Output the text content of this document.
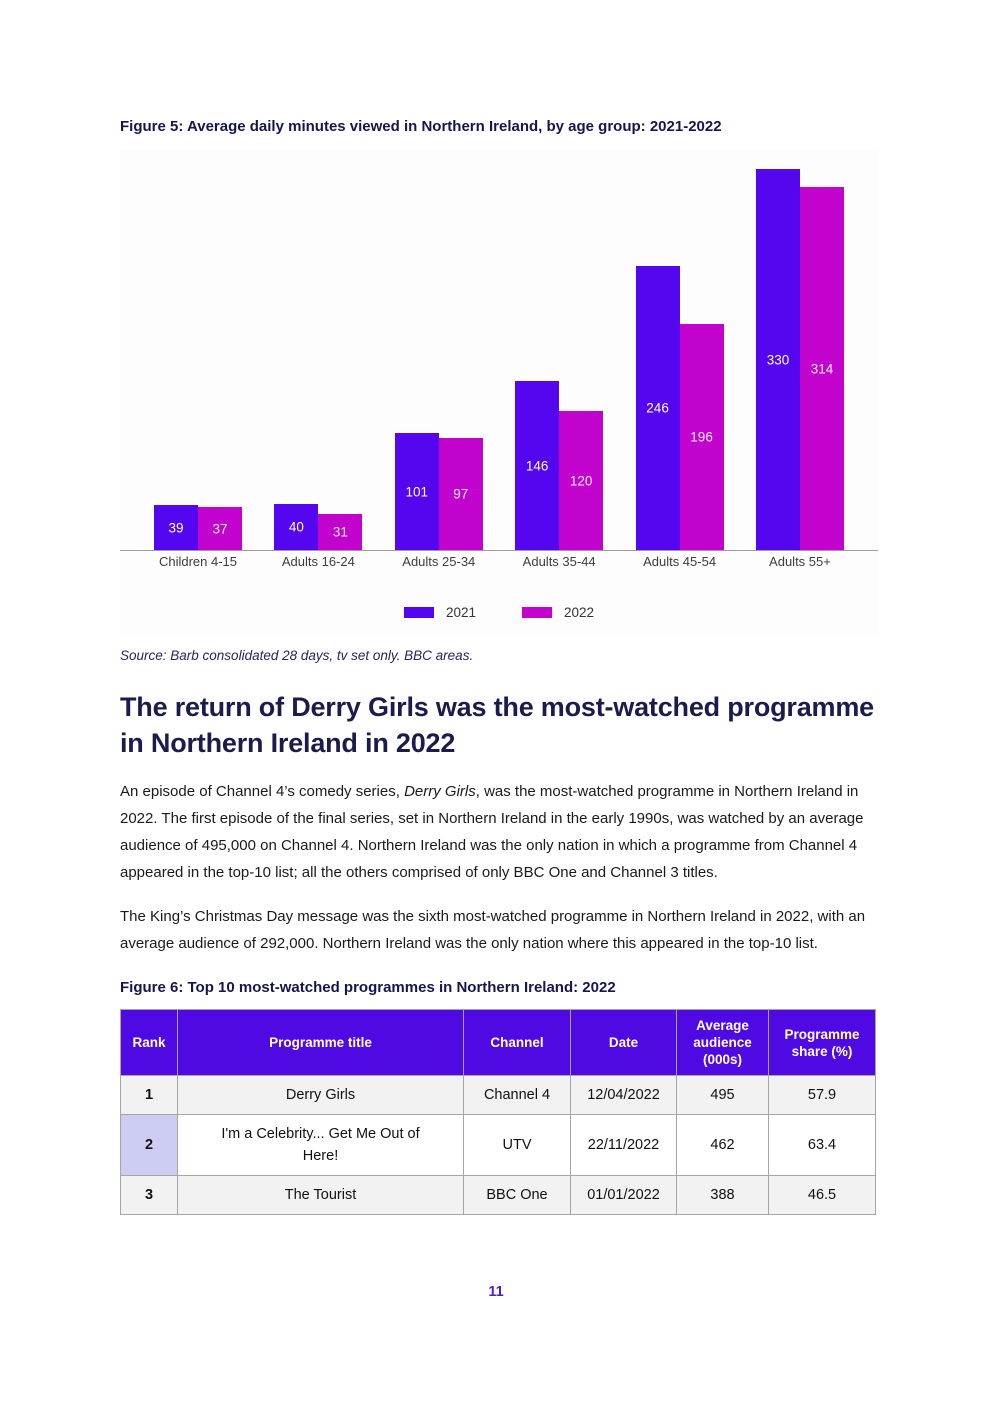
Figure 5: Average daily minutes viewed in Northern Ireland, by age group: 2021-2022
39	37	40	31
101	97
146
120
246
196
330
314
Children 4-15	Adults 16-24	Adults 25-34	Adults 35-44	Adults 45-54	Adults 55+
2021	2022
Source: Barb consolidated 28 days, tv set only. BBC areas.
The return of Derry Girls was the most-watched programme in Northern Ireland in 2022

An episode of Channel 4’s comedy series, Derry Girls, was the most-watched programme in Northern Ireland in 2022. The first episode of the final series, set in Northern Ireland in the early 1990s, was watched by an average audience of 495,000 on Channel 4. Northern Ireland was the only nation in which a programme from Channel 4 appeared in the top-10 list; all the others comprised of only BBC One and Channel 3 titles.

The King’s Christmas Day message was the sixth most-watched programme in Northern Ireland in 2022, with an average audience of 292,000. Northern Ireland was the only nation where this appeared in the top-10 list.

Figure 6: Top 10 most-watched programmes in Northern Ireland: 2022
Rank	Programme title	Channel	Date	Average audience (000s)	Programme share (%)
1	Derry Girls	Channel 4	12/04/2022	495	57.9
2	I'm a Celebrity... Get Me Out of Here!	UTV	22/11/2022	462	63.4
3	The Tourist	BBC One	01/01/2022	388	46.5
11
